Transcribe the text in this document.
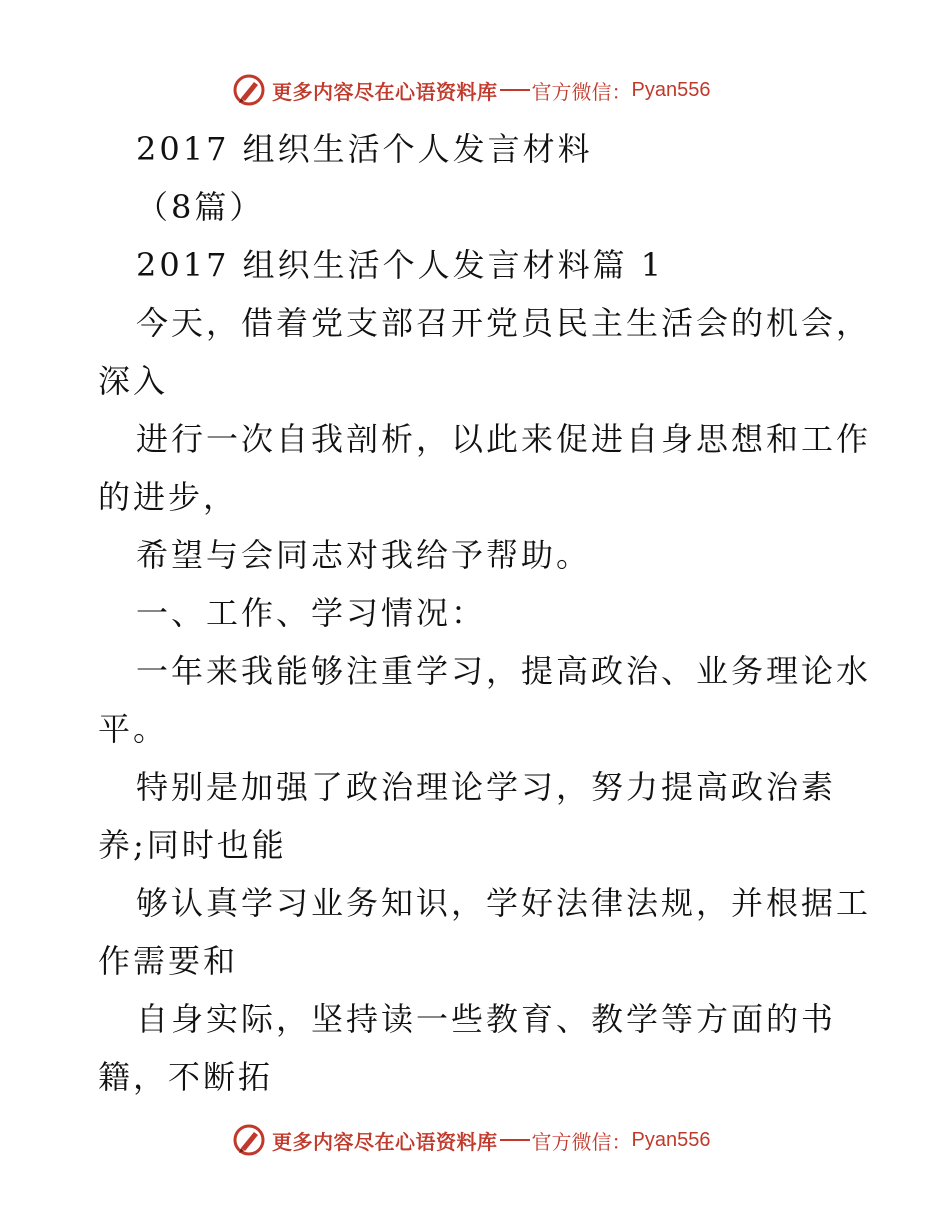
更多内容尽在心语资料库 官方微信： Pyan556
2017 组织生活个人发言材料
（8篇）
2017 组织生活个人发言材料篇 1
今天，借着党支部召开党员民主生活会的机会，
深入
进行一次自我剖析，以此来促进自身思想和工作
的进步，
希望与会同志对我给予帮助。
一、工作、学习情况：
一年来我能够注重学习，提高政治、业务理论水
平。
特别是加强了政治理论学习，努力提高政治素
养;同时也能
够认真学习业务知识，学好法律法规，并根据工
作需要和
自身实际，坚持读一些教育、教学等方面的书
籍，不断拓
更多内容尽在心语资料库 官方微信： Pyan556
